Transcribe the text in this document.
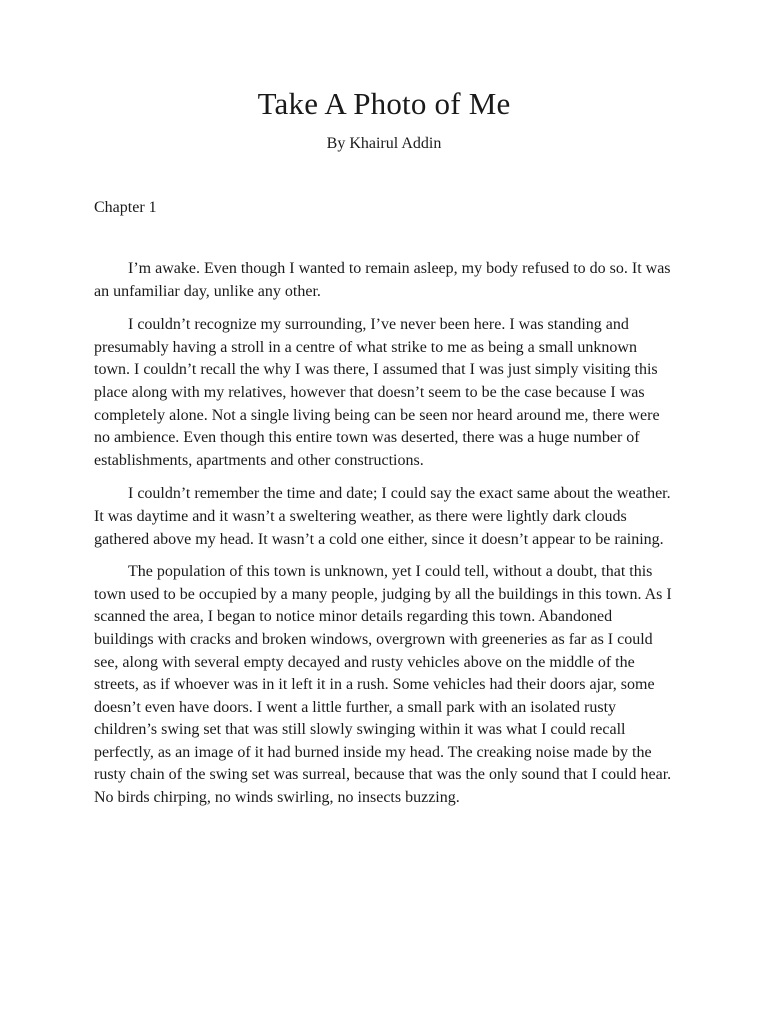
Take A Photo of Me
By Khairul Addin
Chapter 1

I’m awake. Even though I wanted to remain asleep, my body refused to do so. It was an unfamiliar day, unlike any other.

I couldn’t recognize my surrounding, I’ve never been here. I was standing and presumably having a stroll in a centre of what strike to me as being a small unknown town. I couldn’t recall the why I was there, I assumed that I was just simply visiting this place along with my relatives, however that doesn’t seem to be the case because I was completely alone. Not a single living being can be seen nor heard around me, there were no ambience. Even though this entire town was deserted, there was a huge number of establishments, apartments and other constructions.

I couldn’t remember the time and date; I could say the exact same about the weather. It was daytime and it wasn’t a sweltering weather, as there were lightly dark clouds gathered above my head. It wasn’t a cold one either, since it doesn’t appear to be raining.

The population of this town is unknown, yet I could tell, without a doubt, that this town used to be occupied by a many people, judging by all the buildings in this town. As I scanned the area, I began to notice minor details regarding this town. Abandoned buildings with cracks and broken windows, overgrown with greeneries as far as I could see, along with several empty decayed and rusty vehicles above on the middle of the streets, as if whoever was in it left it in a rush. Some vehicles had their doors ajar, some doesn’t even have doors. I went a little further, a small park with an isolated rusty children’s swing set that was still slowly swinging within it was what I could recall perfectly, as an image of it had burned inside my head. The creaking noise made by the rusty chain of the swing set was surreal, because that was the only sound that I could hear. No birds chirping, no winds swirling, no insects buzzing.
